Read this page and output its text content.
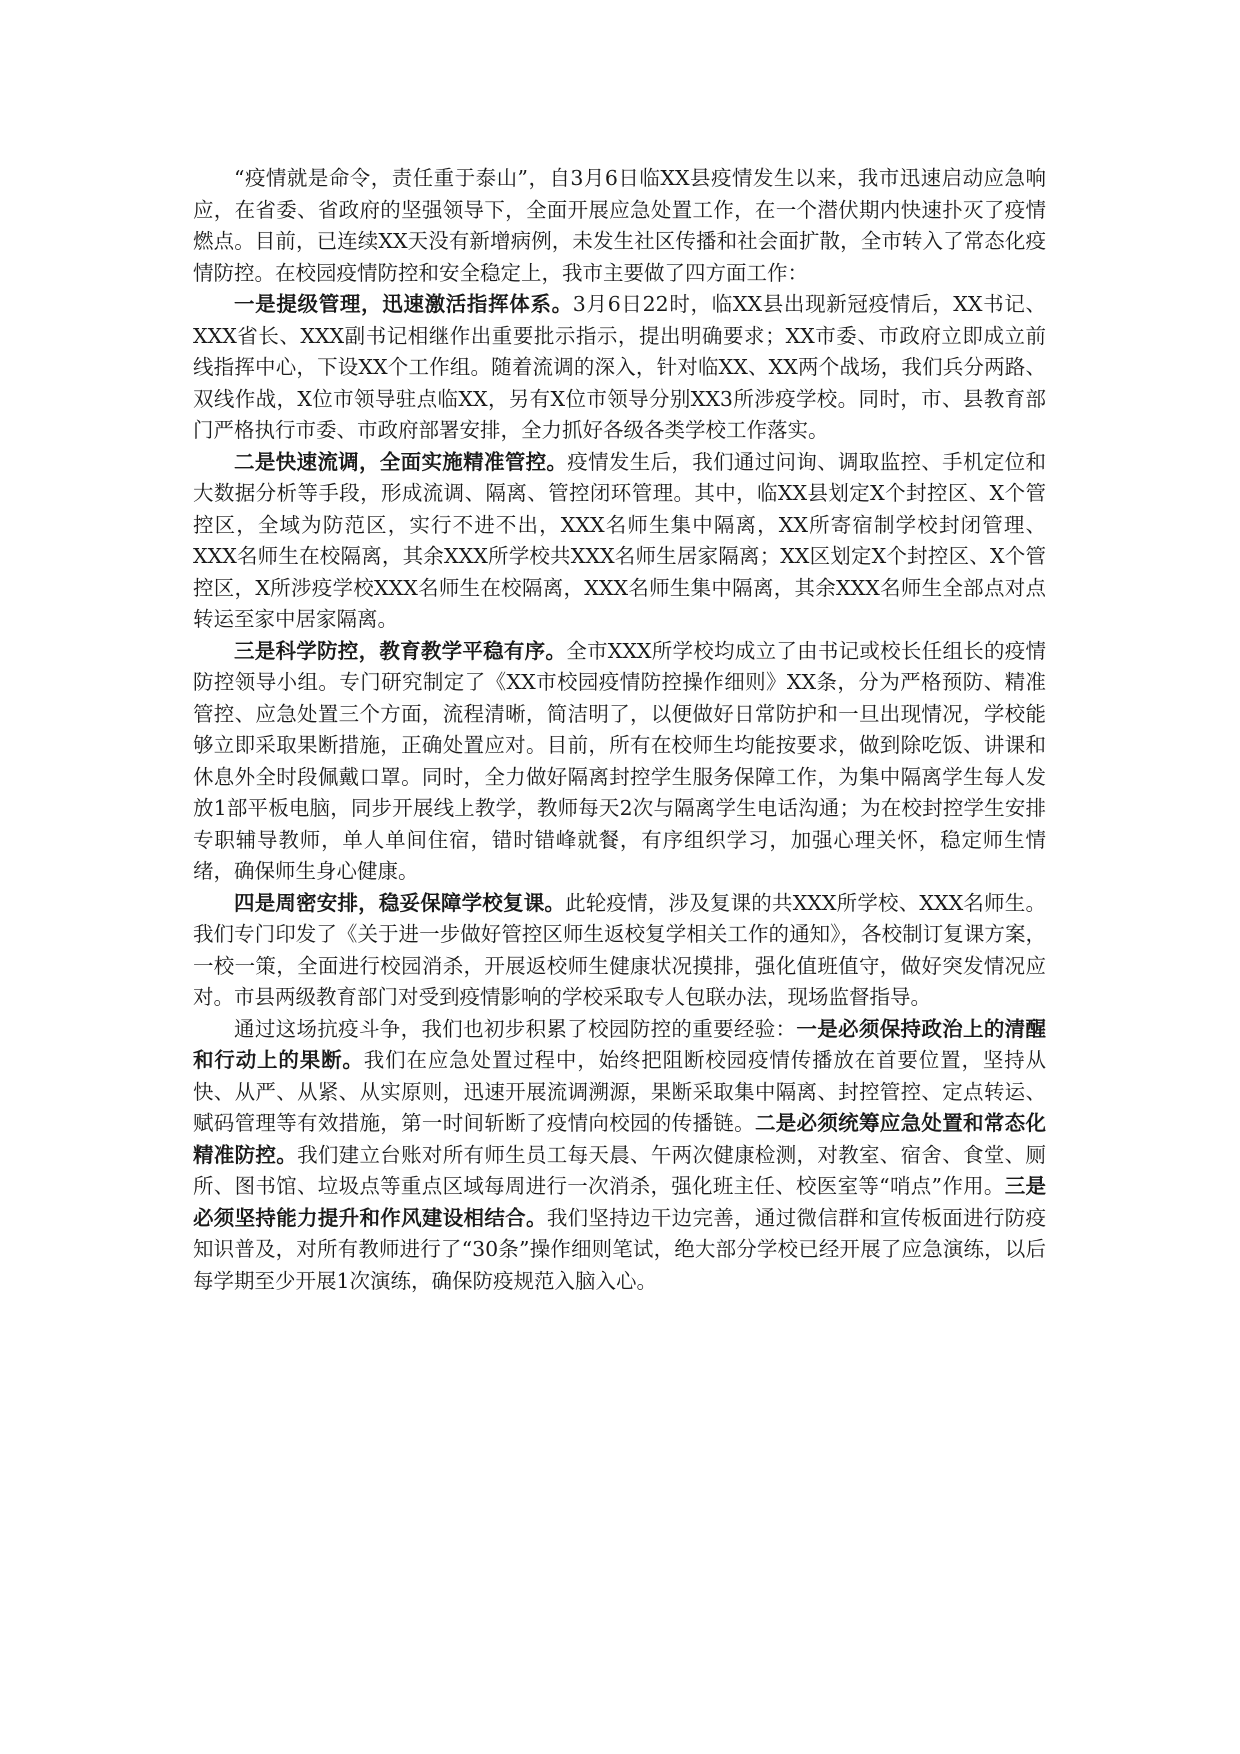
“疫情就是命令，责任重于泰山”，自3月6日临XX县疫情发生以来，我市迅速启动应急响应，在省委、省政府的坚强领导下，全面开展应急处置工作，在一个潜伏期内快速扑灭了疫情燃点。目前，已连续XX天没有新增病例，未发生社区传播和社会面扩散，全市转入了常态化疫情防控。在校园疫情防控和安全稳定上，我市主要做了四方面工作：

一是提级管理，迅速激活指挥体系。3月6日22时，临XX县出现新冠疫情后，XX书记、XXX省长、XXX副书记相继作出重要批示指示，提出明确要求；XX市委、市政府立即成立前线指挥中心，下设XX个工作组。随着流调的深入，针对临XX、XX两个战场，我们兵分两路、双线作战，X位市领导驻点临XX，另有X位市领导分别XX3所涉疫学校。同时，市、县教育部门严格执行市委、市政府部署安排，全力抓好各级各类学校工作落实。

二是快速流调，全面实施精准管控。疫情发生后，我们通过问询、调取监控、手机定位和大数据分析等手段，形成流调、隔离、管控闭环管理。其中，临XX县划定X个封控区、X个管控区，全域为防范区，实行不进不出，XXX名师生集中隔离，XX所寄宿制学校封闭管理、XXX名师生在校隔离，其余XXX所学校共XXX名师生居家隔离；XX区划定X个封控区、X个管控区，X所涉疫学校XXX名师生在校隔离，XXX名师生集中隔离，其余XXX名师生全部点对点转运至家中居家隔离。

三是科学防控，教育教学平稳有序。全市XXX所学校均成立了由书记或校长任组长的疫情防控领导小组。专门研究制定了《XX市校园疫情防控操作细则》XX条，分为严格预防、精准管控、应急处置三个方面，流程清晰，简洁明了，以便做好日常防护和一旦出现情况，学校能够立即采取果断措施，正确处置应对。目前，所有在校师生均能按要求，做到除吃饭、讲课和休息外全时段佩戴口罩。同时，全力做好隔离封控学生服务保障工作，为集中隔离学生每人发放1部平板电脑，同步开展线上教学，教师每天2次与隔离学生电话沟通；为在校封控学生安排专职辅导教师，单人单间住宿，错时错峰就餐，有序组织学习，加强心理关怀，稳定师生情绪，确保师生身心健康。

四是周密安排，稳妥保障学校复课。此轮疫情，涉及复课的共XXX所学校、XXX名师生。我们专门印发了《关于进一步做好管控区师生返校复学相关工作的通知》，各校制订复课方案，一校一策，全面进行校园消杀，开展返校师生健康状况摸排，强化值班值守，做好突发情况应对。市县两级教育部门对受到疫情影响的学校采取专人包联办法，现场监督指导。

通过这场抗疫斗争，我们也初步积累了校园防控的重要经验：一是必须保持政治上的清醒和行动上的果断。我们在应急处置过程中，始终把阻断校园疫情传播放在首要位置，坚持从快、从严、从紧、从实原则，迅速开展流调溯源，果断采取集中隔离、封控管控、定点转运、赋码管理等有效措施，第一时间斩断了疫情向校园的传播链。二是必须统筹应急处置和常态化精准防控。我们建立台账对所有师生员工每天晨、午两次健康检测，对教室、宿舍、食堂、厕所、图书馆、垃圾点等重点区域每周进行一次消杀，强化班主任、校医室等“哨点”作用。三是必须坚持能力提升和作风建设相结合。我们坚持边干边完善，通过微信群和宣传板面进行防疫知识普及，对所有教师进行了“30条”操作细则笔试，绝大部分学校已经开展了应急演练，以后每学期至少开展1次演练，确保防疫规范入脑入心。
